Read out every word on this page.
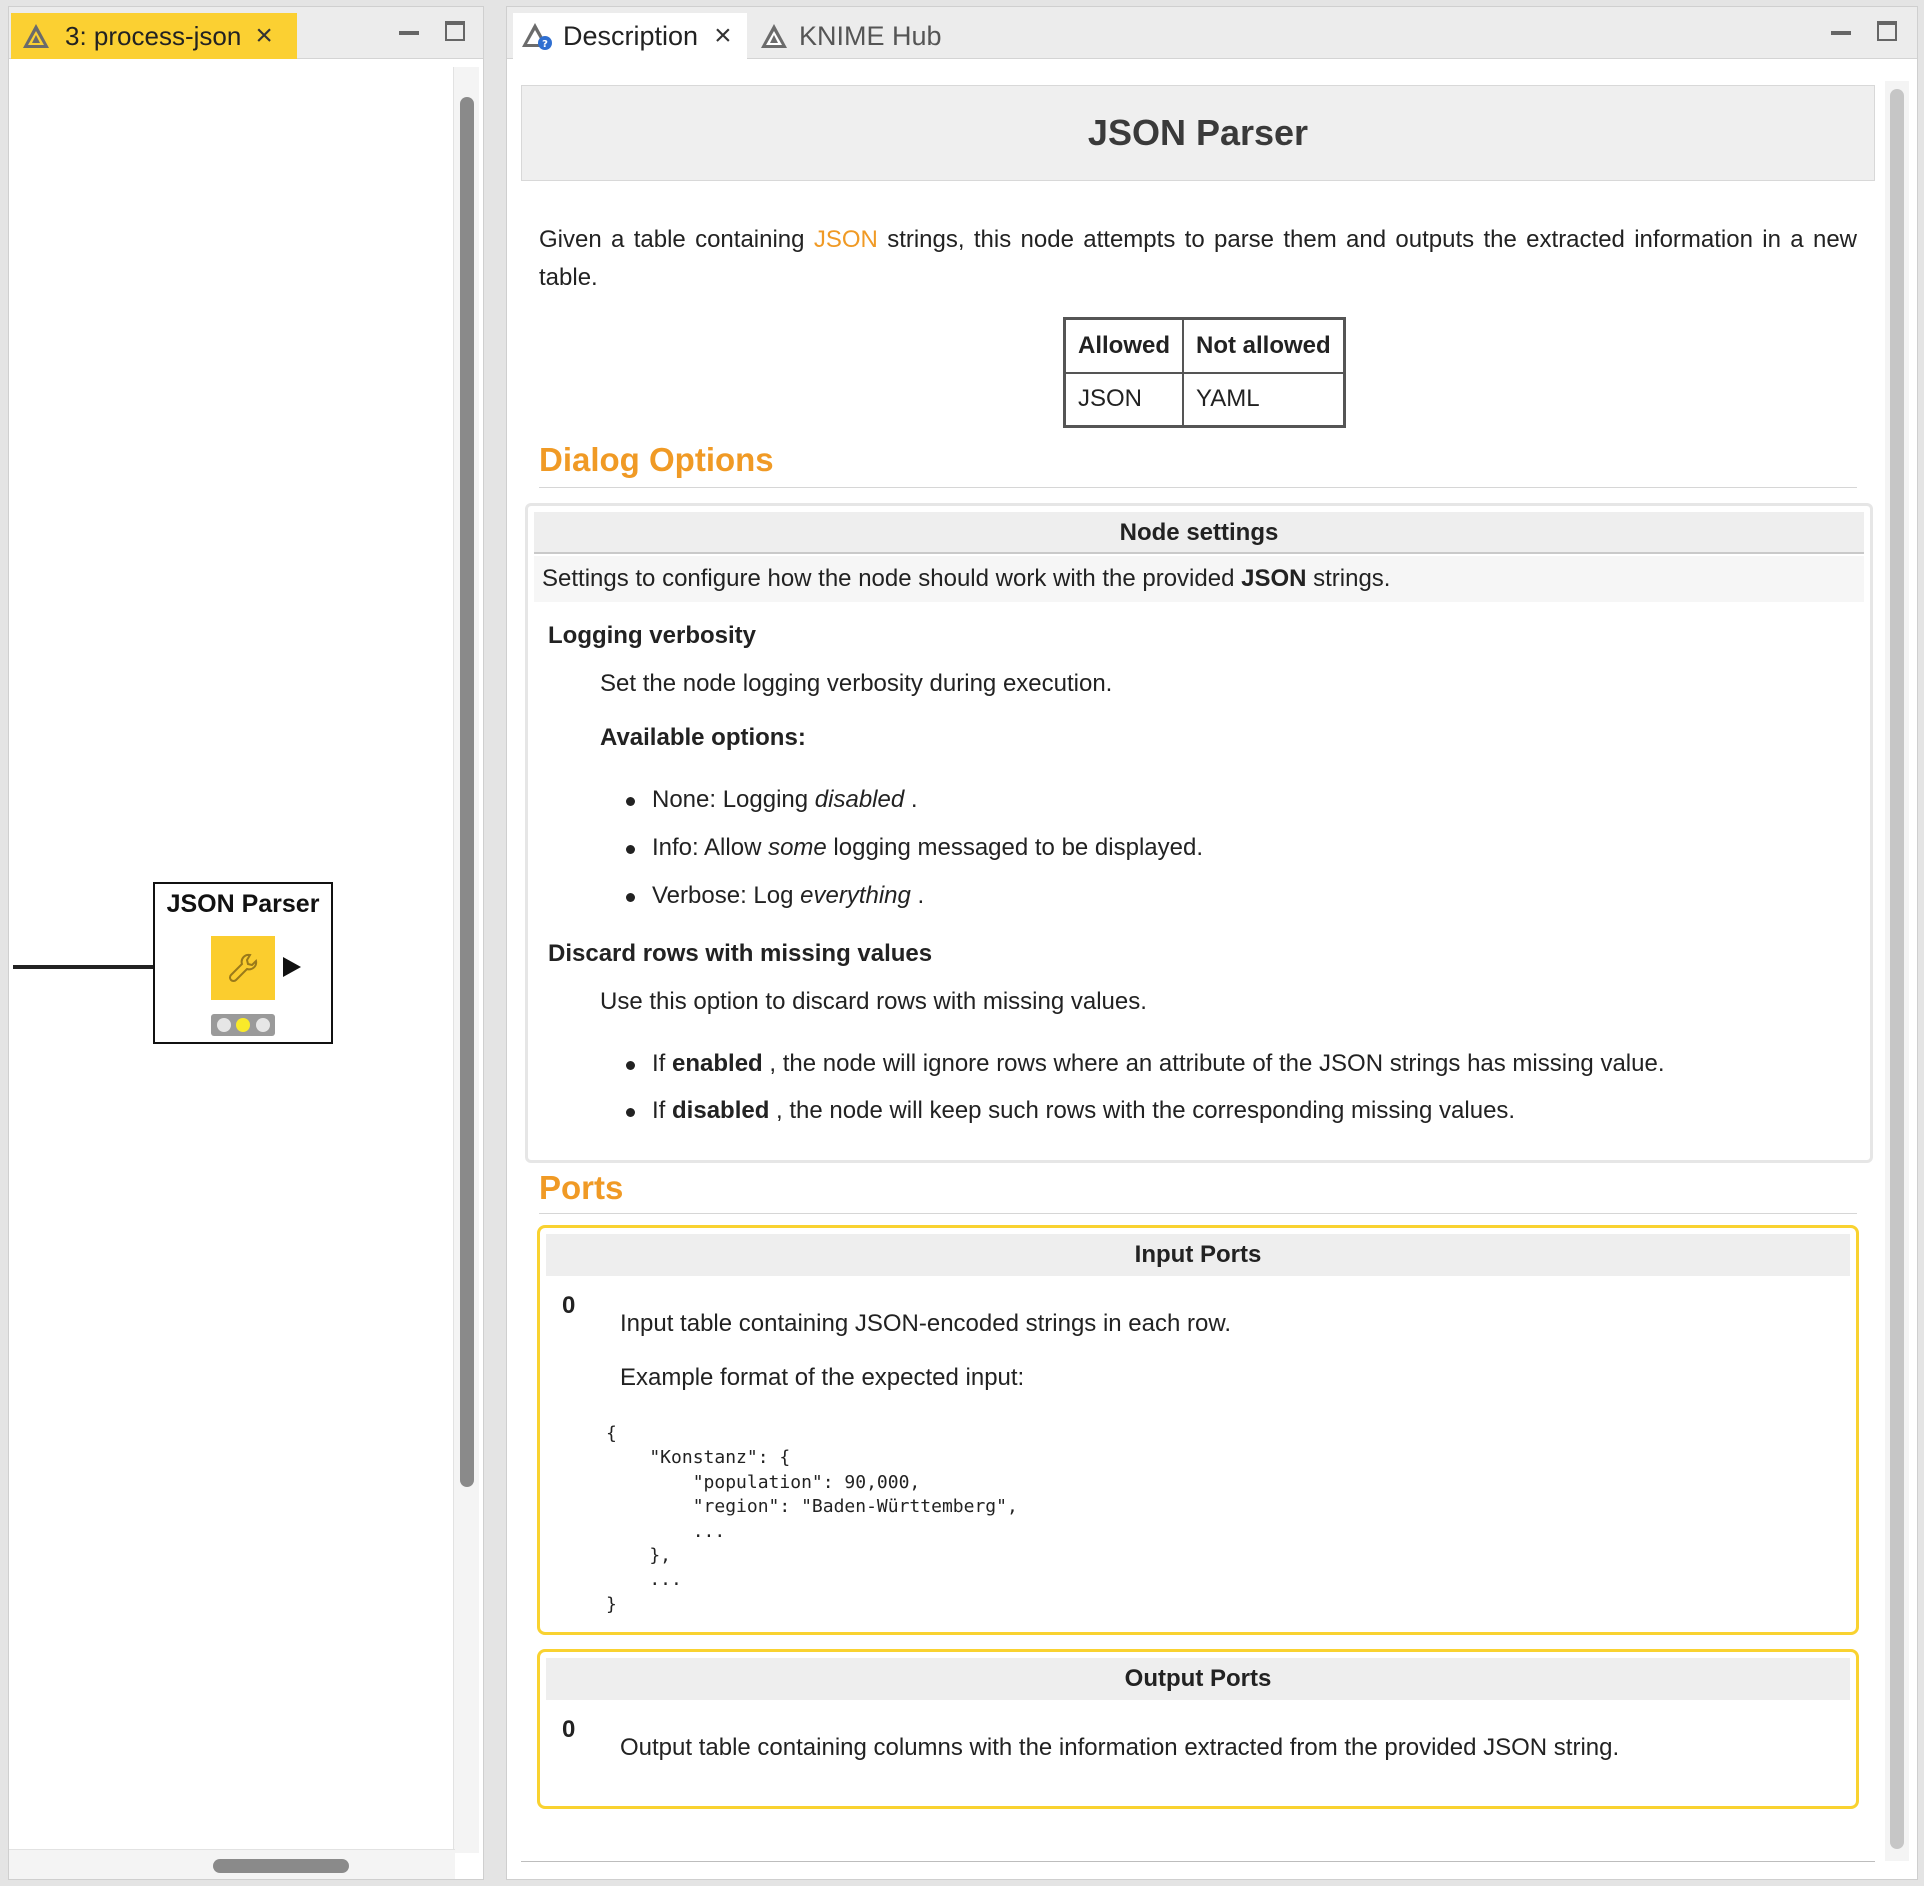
3: process-json ×
JSON Parser
? Description × KNIME Hub
JSON Parser

Given a table containing JSON strings, this node attempts to parse them and outputs the extracted information in a new table.

Allowed	Not allowed
JSON	YAML
Dialog Options
Node settings
Settings to configure how the node should work with the provided JSON strings.
Logging verbosity
Set the node logging verbosity during execution.
Available options:
None: Logging disabled .
Info: Allow some logging messaged to be displayed.
Verbose: Log everything .
Discard rows with missing values
Use this option to discard rows with missing values.
If enabled , the node will ignore rows where an attribute of the JSON strings has missing value.
If disabled , the node will keep such rows with the corresponding missing values.
Ports
Input Ports
0
Input table containing JSON-encoded strings in each row.
Example format of the expected input:
{
"Konstanz": {
"population": 90,000,
"region": "Baden-Württemberg",
...
},
...
}
Output Ports
0
Output table containing columns with the information extracted from the provided JSON string.
